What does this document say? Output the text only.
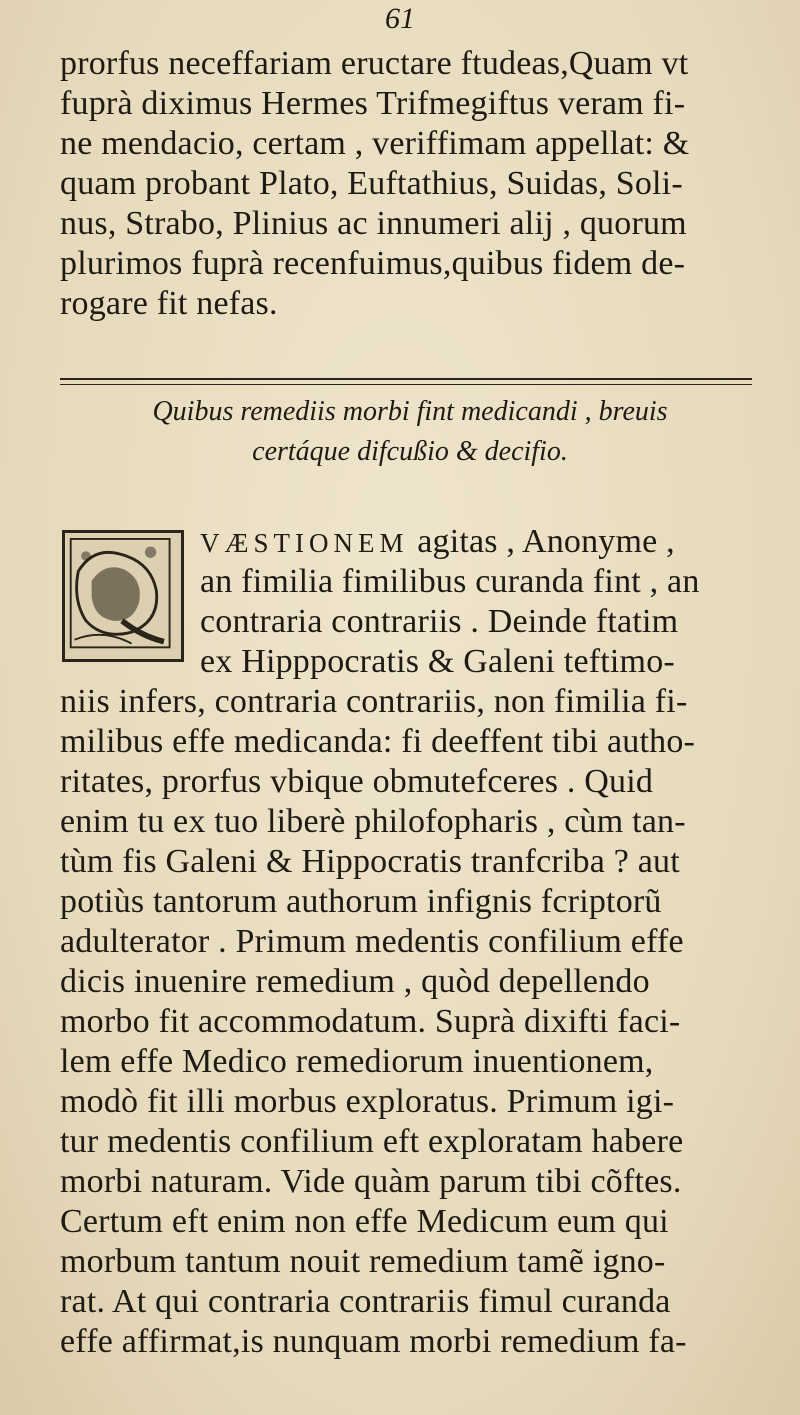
61
prorfus neceffariam eructare ftudeas,Quam vt
fuprà diximus Hermes Trifmegiftus veram fi-
ne mendacio, certam , veriffimam appellat: &
quam probant Plato, Euftathius, Suidas, Soli-
nus, Strabo, Plinius ac innumeri alij , quorum
plurimos fuprà recenfuimus,quibus fidem de-
rogare fit nefas.
Quibus remediis morbi fint medicandi , breuis
certáque difcußio & decifio.
VÆSTIONEM agitas , Anonyme ,
an fimilia fimilibus curanda fint , an
contraria contrariis . Deinde ftatim
ex Hipppocratis & Galeni teftimo-
niis infers, contraria contrariis, non fimilia fi-
milibus effe medicanda: fi deeffent tibi autho-
ritates, prorfus vbique obmutefceres . Quid
enim tu ex tuo liberè philofopharis , cùm tan-
tùm fis Galeni & Hippocratis tranfcriba ? aut
potiùs tantorum authorum infignis fcriptorũ
adulterator . Primum medentis confilium effe
dicis inuenire remedium , quòd depellendo
morbo fit accommodatum. Suprà dixifti faci-
lem effe Medico remediorum inuentionem,
modò fit illi morbus exploratus. Primum igi-
tur medentis confilium eft exploratam habere
morbi naturam. Vide quàm parum tibi cõftes.
Certum eft enim non effe Medicum eum qui
morbum tantum nouit remedium tamẽ igno-
rat. At qui contraria contrariis fimul curanda
effe affirmat,is nunquam morbi remedium fa-
